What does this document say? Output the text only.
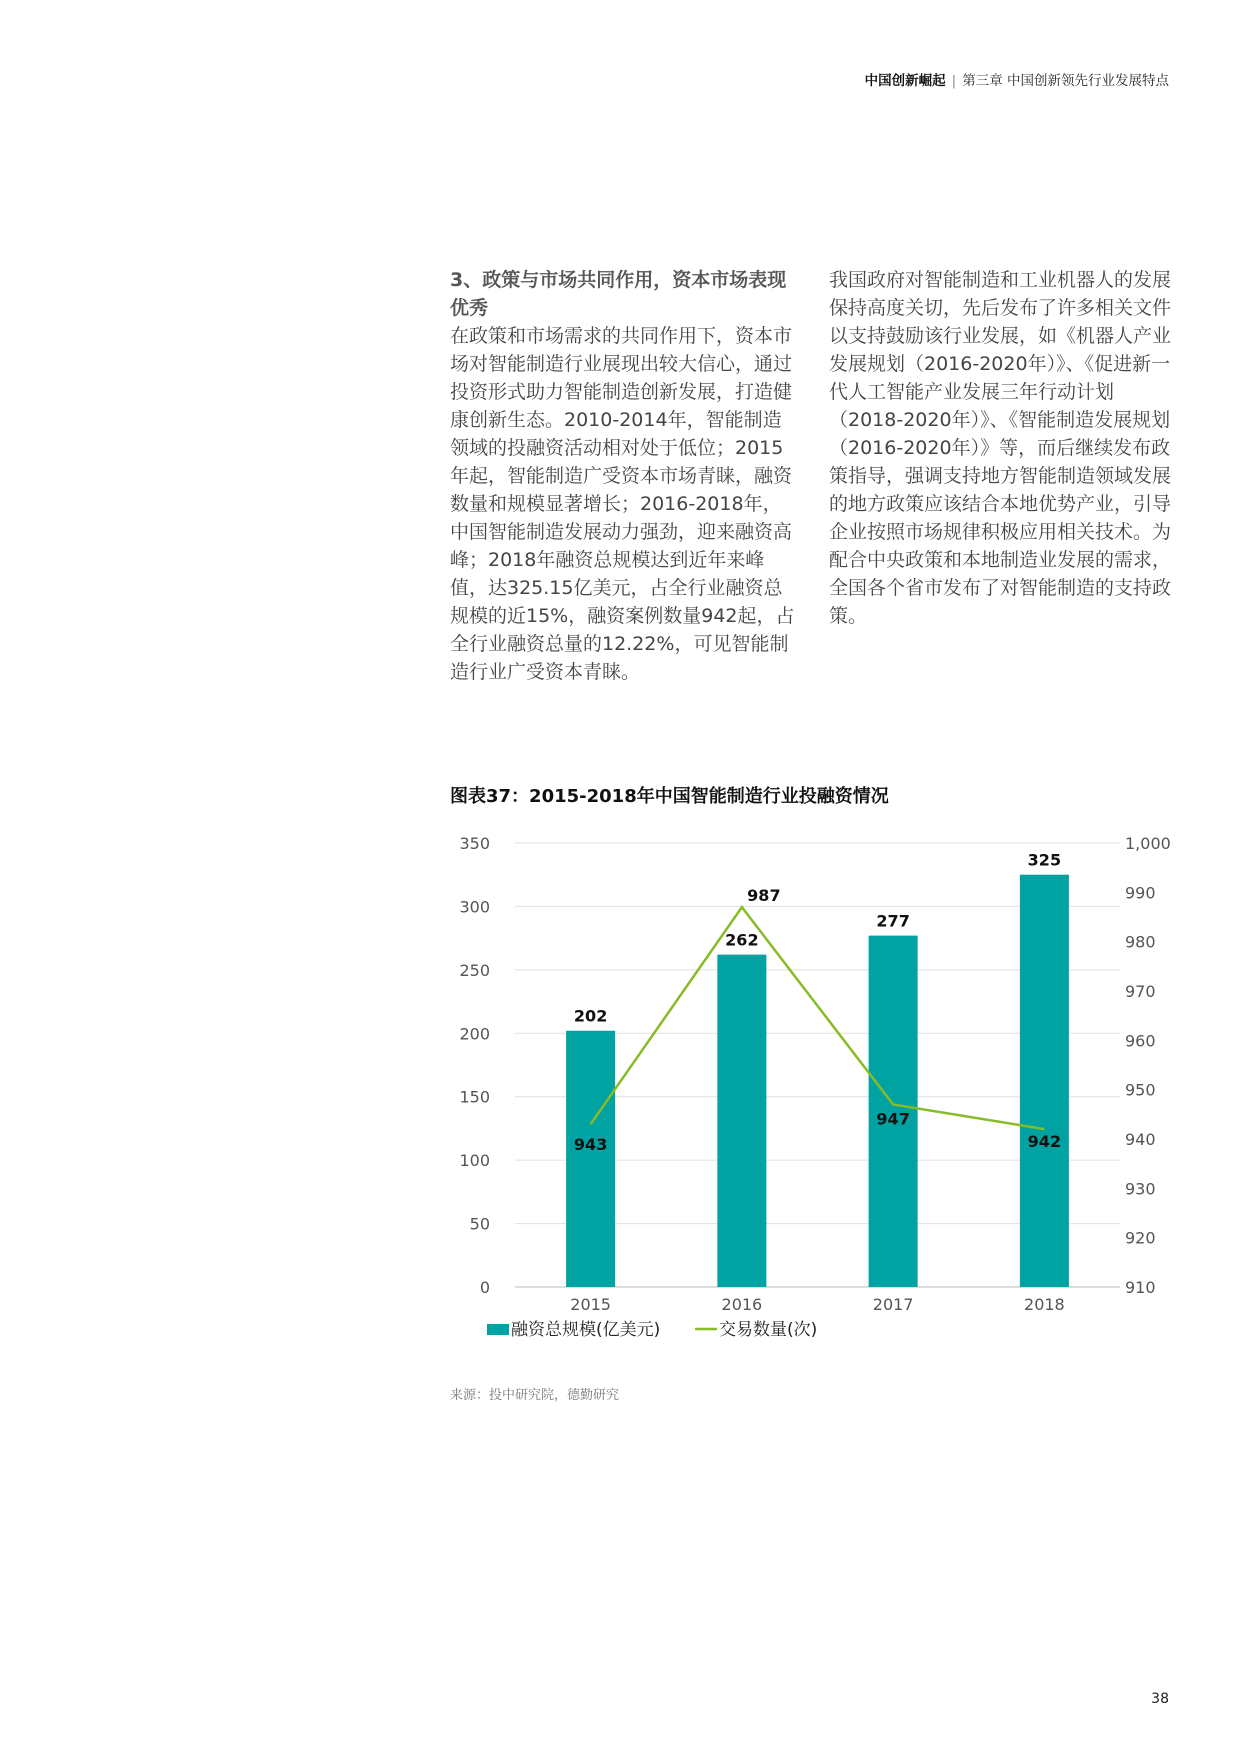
中国创新崛起 | 第三章 中国创新领先行业发展特点

3、政策与市场共同作用，资本市场表现优秀

在政策和市场需求的共同作用下，资本市场对智能制造行业展现出较大信心，通过投资形式助力智能制造创新发展，打造健康创新生态。2010-2014年，智能制造领域的投融资活动相对处于低位；2015年起，智能制造广受资本市场青睐，融资数量和规模显著增长；2016-2018年，中国智能制造发展动力强劲，迎来融资高峰；2018年融资总规模达到近年来峰值，达325.15亿美元，占全行业融资总规模的近15%，融资案例数量942起，占全行业融资总量的12.22%，可见智能制造行业广受资本青睐。

我国政府对智能制造和工业机器人的发展保持高度关切，先后发布了许多相关文件以支持鼓励该行业发展，如《机器人产业发展规划（2016-2020年）》、《促进新一代人工智能产业发展三年行动计划（2018-2020年）》、《智能制造发展规划（2016-2020年）》等，而后继续发布政策指导，强调支持地方智能制造领域发展的地方政策应该结合本地优势产业，引导企业按照市场规律积极应用相关技术。为配合中央政策和本地制造业发展的需求，全国各个省市发布了对智能制造的支持政策。

图表37：2015-2018年中国智能制造行业投融资情况
0
50
100
150
200
250
300
350
910
920
930
940
950
960
970
980
990
1,000
202
2015
262
2016
277
2017
325
2018
943
987
947
942
融资总规模(亿美元)	交易数量(次)
来源：投中研究院，德勤研究
38
